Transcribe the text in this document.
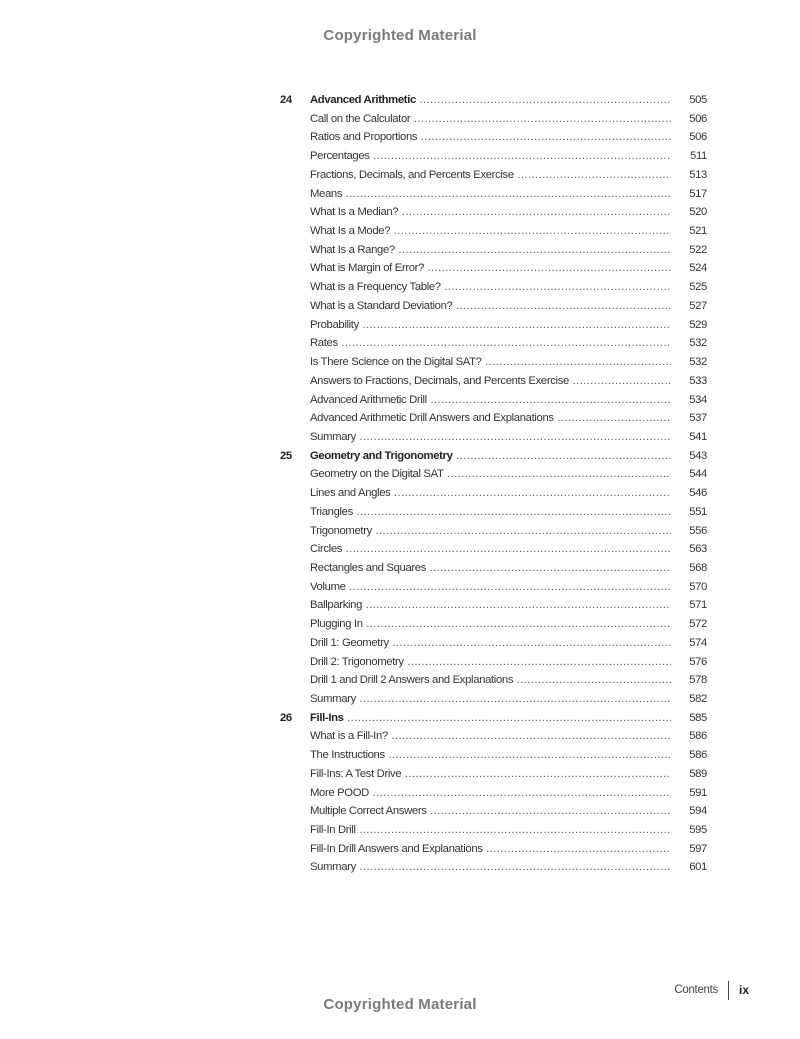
Copyrighted Material
24	Advanced Arithmetic .....	505
Call on the Calculator .....	506
Ratios and Proportions .....	506
Percentages .....	511
Fractions, Decimals, and Percents Exercise .....	513
Means .....	517
What Is a Median? .....	520
What Is a Mode? .....	521
What Is a Range? .....	522
What is Margin of Error? .....	524
What is a Frequency Table? .....	525
What is a Standard Deviation? .....	527
Probability .....	529
Rates .....	532
Is There Science on the Digital SAT? .....	532
Answers to Fractions, Decimals, and Percents Exercise .....	533
Advanced Arithmetic Drill .....	534
Advanced Arithmetic Drill Answers and Explanations .....	537
Summary .....	541
25	Geometry and Trigonometry .....	543
Geometry on the Digital SAT .....	544
Lines and Angles .....	546
Triangles .....	551
Trigonometry .....	556
Circles .....	563
Rectangles and Squares .....	568
Volume .....	570
Ballparking .....	571
Plugging In .....	572
Drill 1: Geometry .....	574
Drill 2: Trigonometry .....	576
Drill 1 and Drill 2 Answers and Explanations .....	578
Summary .....	582
26	Fill-Ins .....	585
What is a Fill-In? .....	586
The Instructions .....	586
Fill-Ins: A Test Drive .....	589
More POOD .....	591
Multiple Correct Answers .....	594
Fill-In Drill .....	595
Fill-In Drill Answers and Explanations .....	597
Summary .....	601
Contents ix
Copyrighted Material
